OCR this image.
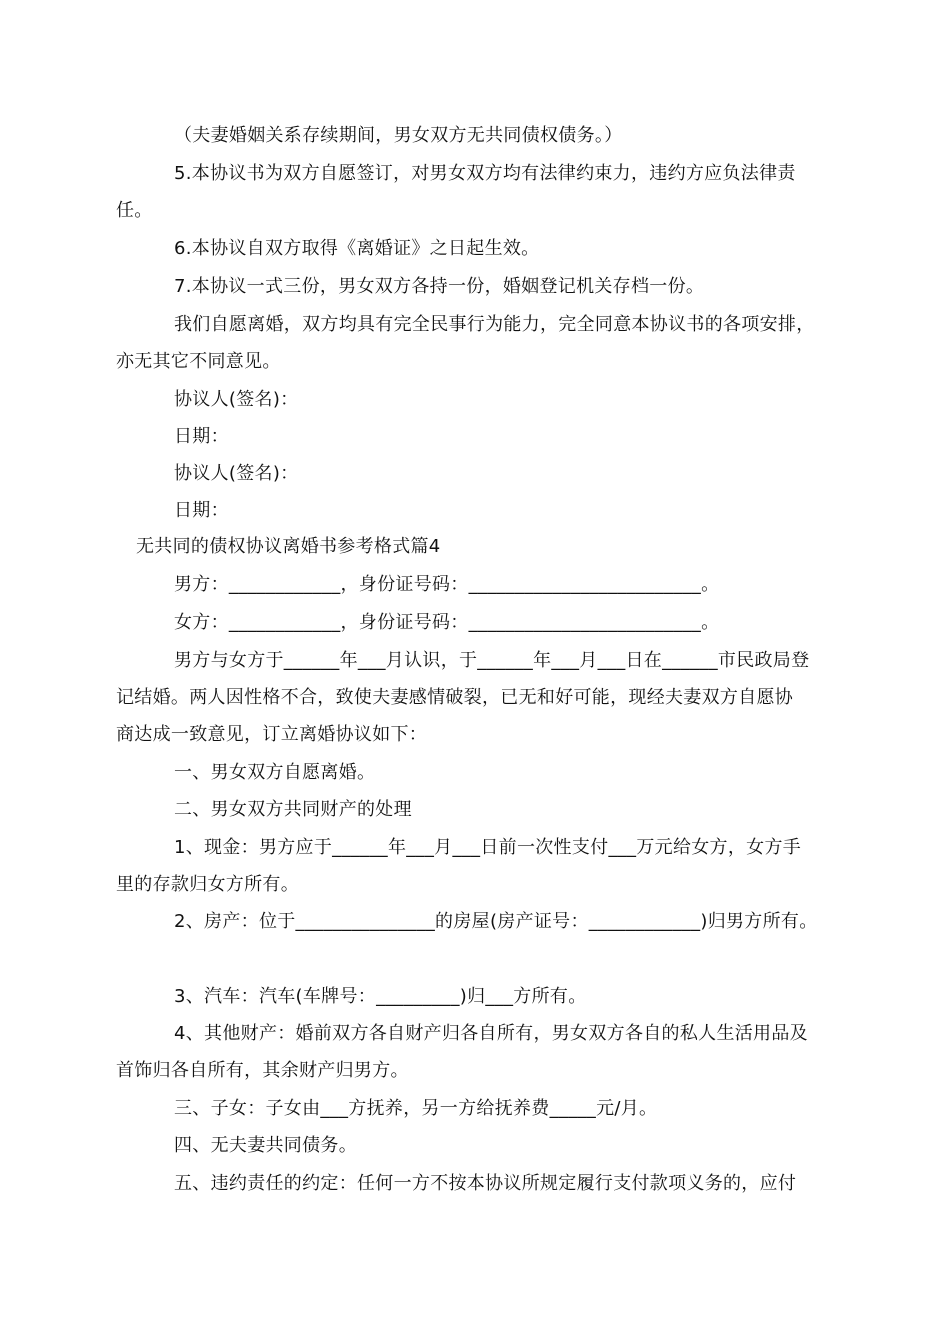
（夫妻婚姻关系存续期间，男女双方无共同债权债务。）
5.本协议书为双方自愿签订，对男女双方均有法律约束力，违约方应负法律责
任。
6.本协议自双方取得《离婚证》之日起生效。
7.本协议一式三份，男女双方各持一份，婚姻登记机关存档一份。
我们自愿离婚，双方均具有完全民事行为能力，完全同意本协议书的各项安排，
亦无其它不同意见。
协议人(签名)：
日期：
协议人(签名)：
日期：
无共同的债权协议离婚书参考格式篇4
男方：____________，身份证号码：_________________________。
女方：____________，身份证号码：_________________________。
男方与女方于______年___月认识，于______年___月___日在______市民政局登
记结婚。两人因性格不合，致使夫妻感情破裂，已无和好可能，现经夫妻双方自愿协
商达成一致意见，订立离婚协议如下：
一、男女双方自愿离婚。
二、男女双方共同财产的处理
1、现金：男方应于______年___月___日前一次性支付___万元给女方，女方手
里的存款归女方所有。
2、房产：位于_______________的房屋(房产证号：____________)归男方所有。
3、汽车：汽车(车牌号：_________)归___方所有。
4、其他财产：婚前双方各自财产归各自所有，男女双方各自的私人生活用品及
首饰归各自所有，其余财产归男方。
三、子女：子女由___方抚养，另一方给抚养费_____元/月。
四、无夫妻共同债务。
五、违约责任的约定：任何一方不按本协议所规定履行支付款项义务的，应付
